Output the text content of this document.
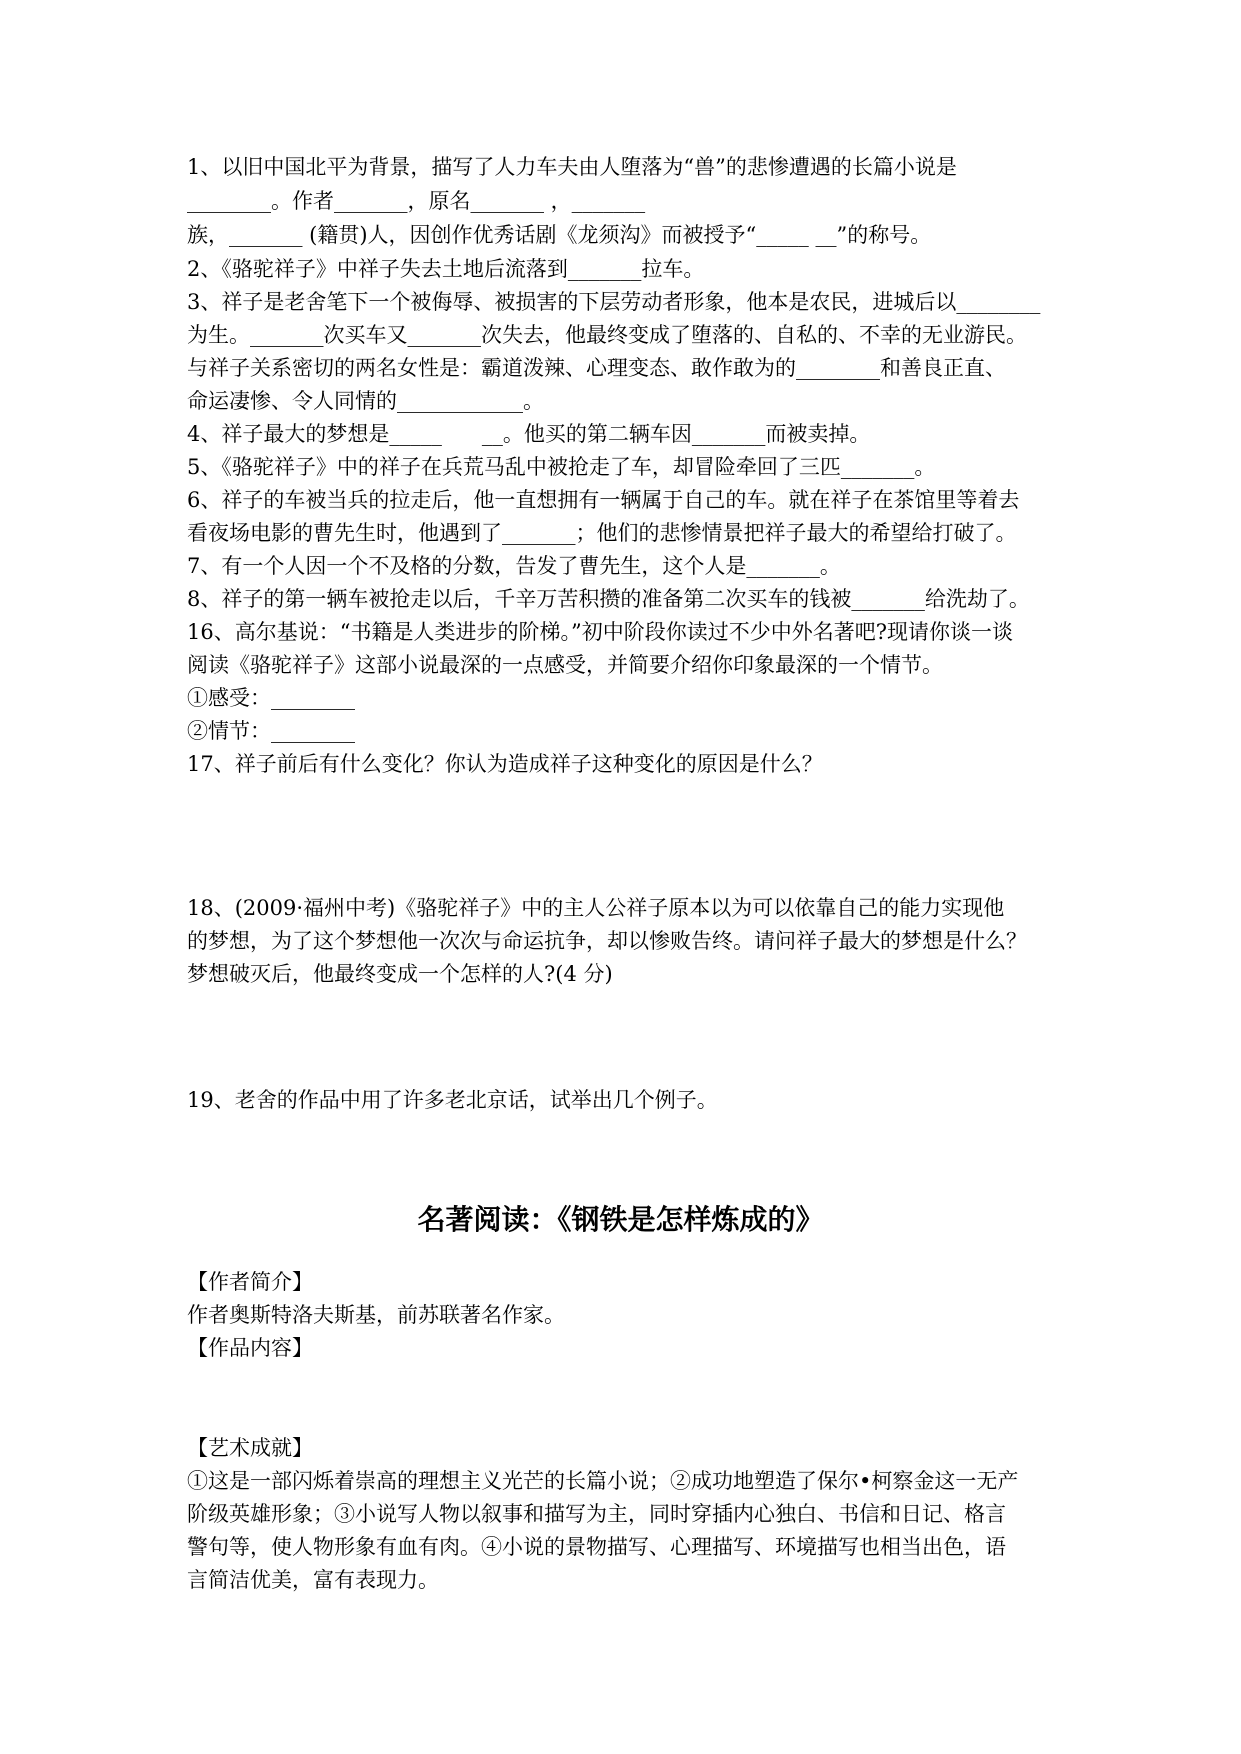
1、以旧中国北平为背景，描写了人力车夫由人堕落为“兽”的悲惨遭遇的长篇小说是
________。作者_______，原名_______ ，_______
族，_______ (籍贯)人，因创作优秀话剧《龙须沟》而被授予“_____ __”的称号。
2、《骆驼祥子》中祥子失去土地后流落到_______拉车。
3、祥子是老舍笔下一个被侮辱、被损害的下层劳动者形象，他本是农民，进城后以________
为生。_______次买车又_______次失去，他最终变成了堕落的、自私的、不幸的无业游民。
与祥子关系密切的两名女性是：霸道泼辣、心理变态、敢作敢为的________和善良正直、
命运凄惨、令人同情的____________。
4、祥子最大的梦想是_____      __。他买的第二辆车因_______而被卖掉。
5、《骆驼祥子》中的祥子在兵荒马乱中被抢走了车，却冒险牵回了三匹_______。
6、祥子的车被当兵的拉走后，他一直想拥有一辆属于自己的车。就在祥子在茶馆里等着去
看夜场电影的曹先生时，他遇到了_______；他们的悲惨情景把祥子最大的希望给打破了。
7、有一个人因一个不及格的分数，告发了曹先生，这个人是_______。
8、祥子的第一辆车被抢走以后，千辛万苦积攒的准备第二次买车的钱被_______给洗劫了。
16、高尔基说：“书籍是人类进步的阶梯。”初中阶段你读过不少中外名著吧?现请你谈一谈
阅读《骆驼祥子》这部小说最深的一点感受，并简要介绍你印象最深的一个情节。
①感受：________
②情节：________
17、祥子前后有什么变化？你认为造成祥子这种变化的原因是什么？
18、(2009·福州中考)《骆驼祥子》中的主人公祥子原本以为可以依靠自己的能力实现他
的梦想，为了这个梦想他一次次与命运抗争，却以惨败告终。请问祥子最大的梦想是什么？
梦想破灭后，他最终变成一个怎样的人?(4 分)
19、老舍的作品中用了许多老北京话，试举出几个例子。
名著阅读：《钢铁是怎样炼成的》
【作者简介】
作者奥斯特洛夫斯基，前苏联著名作家。
【作品内容】
【艺术成就】
①这是一部闪烁着崇高的理想主义光芒的长篇小说；②成功地塑造了保尔•柯察金这一无产
阶级英雄形象；③小说写人物以叙事和描写为主，同时穿插内心独白、书信和日记、格言
警句等，使人物形象有血有肉。④小说的景物描写、心理描写、环境描写也相当出色，语
言简洁优美，富有表现力。
